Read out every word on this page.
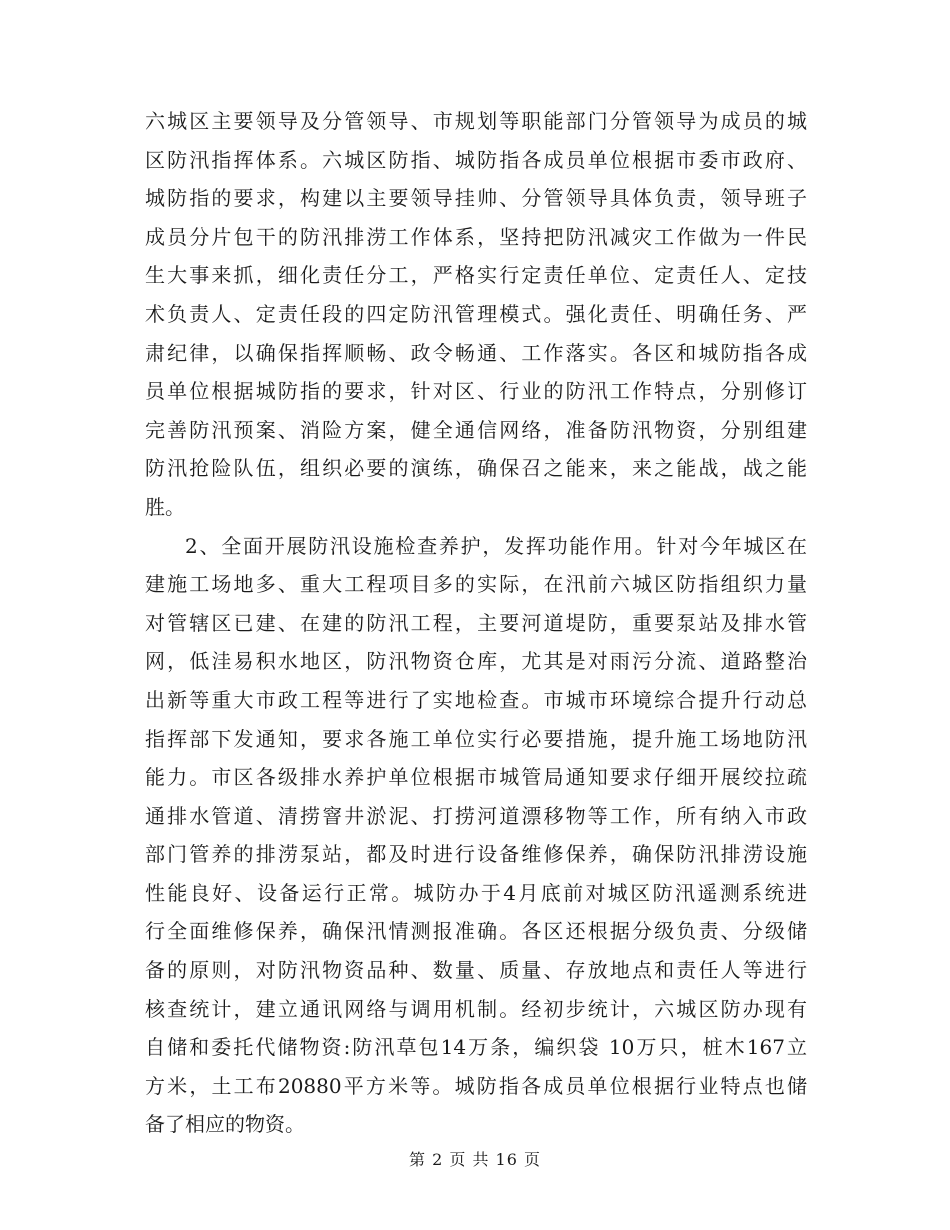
六城区主要领导及分管领导、市规划等职能部门分管领导为成员的城
区防汛指挥体系。六城区防指、城防指各成员单位根据市委市政府、
城防指的要求，构建以主要领导挂帅、分管领导具体负责，领导班子
成员分片包干的防汛排涝工作体系，坚持把防汛减灾工作做为一件民
生大事来抓，细化责任分工，严格实行定责任单位、定责任人、定技
术负责人、定责任段的四定防汛管理模式。强化责任、明确任务、严
肃纪律，以确保指挥顺畅、政令畅通、工作落实。各区和城防指各成
员单位根据城防指的要求，针对区、行业的防汛工作特点，分别修订
完善防汛预案、消险方案，健全通信网络，准备防汛物资，分别组建
防汛抢险队伍，组织必要的演练，确保召之能来，来之能战，战之能
胜。
2、全面开展防汛设施检查养护，发挥功能作用。针对今年城区在
建施工场地多、重大工程项目多的实际，在汛前六城区防指组织力量
对管辖区已建、在建的防汛工程，主要河道堤防，重要泵站及排水管
网，低洼易积水地区，防汛物资仓库，尤其是对雨污分流、道路整治
出新等重大市政工程等进行了实地检查。市城市环境综合提升行动总
指挥部下发通知，要求各施工单位实行必要措施，提升施工场地防汛
能力。市区各级排水养护单位根据市城管局通知要求仔细开展绞拉疏
通排水管道、清捞窨井淤泥、打捞河道漂移物等工作，所有纳入市政
部门管养的排涝泵站，都及时进行设备维修保养，确保防汛排涝设施
性能良好、设备运行正常。城防办于4月底前对城区防汛遥测系统进
行全面维修保养，确保汛情测报准确。各区还根据分级负责、分级储
备的原则，对防汛物资品种、数量、质量、存放地点和责任人等进行
核查统计，建立通讯网络与调用机制。经初步统计，六城区防办现有
自储和委托代储物资:防汛草包14万条，编织袋 10万只，桩木167立
方米，土工布20880平方米等。城防指各成员单位根据行业特点也储
备了相应的物资。
第 2 页 共 16 页
